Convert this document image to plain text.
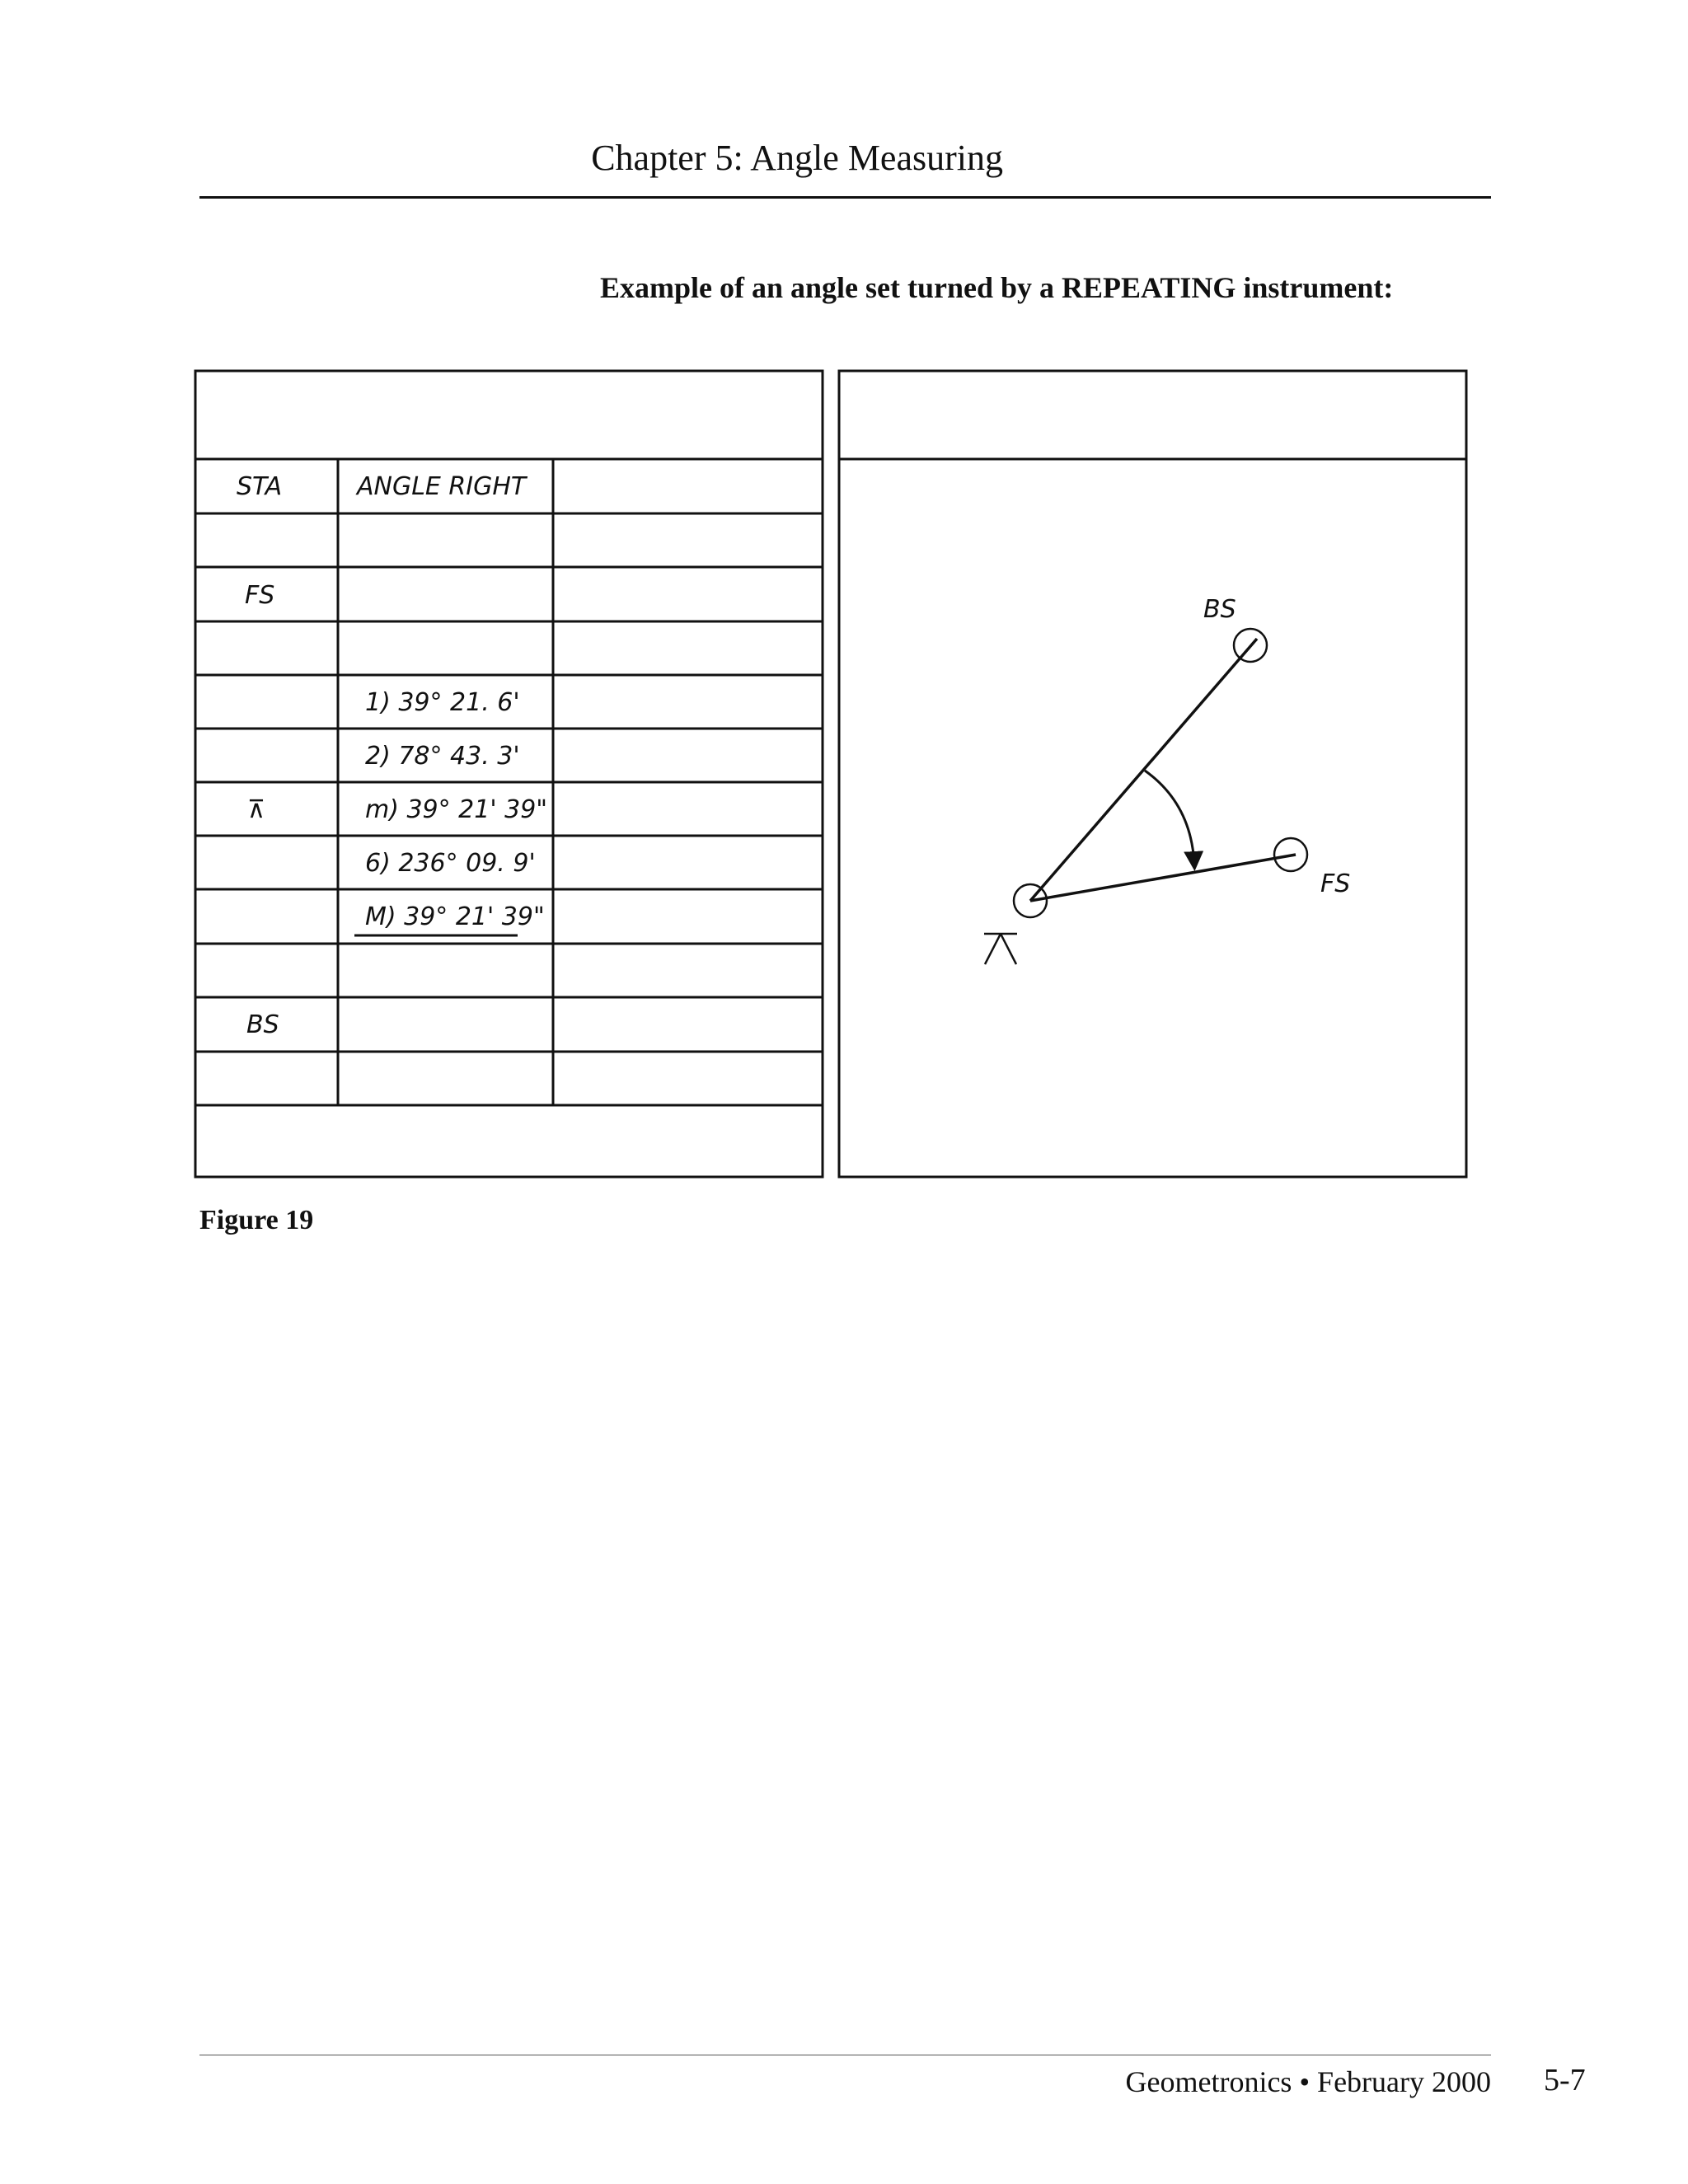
Chapter 5: Angle Measuring
Example of an angle set turned by a REPEATING instrument:
STA	ANGLE RIGHT
FS
1) 39° 21. 6'
2) 78° 43. 3'
⊼	m) 39° 21' 39"
6) 236° 09. 9'
M) 39° 21' 39"
BS
BS
FS
Figure 19
Geometronics • February 2000 5-7
